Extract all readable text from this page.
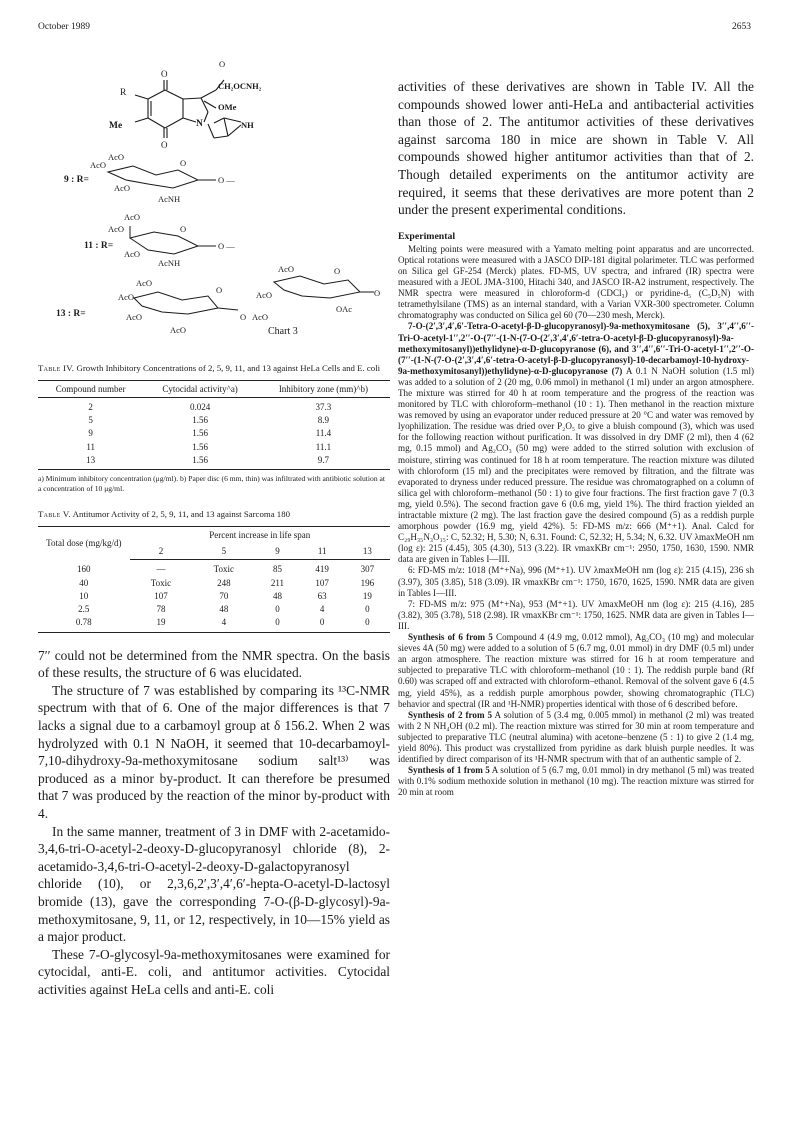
October 1989	2653
O
R
Me
O
N
CH₂OCNH₂
O
OMe
NH
9 : R=
AcO
AcO
AcO
O
O —
AcNH
11 : R=
AcO
AcO
AcO
O
O —
AcNH
13 : R=
AcO
AcO
AcO
AcO
O
O AcO
AcO
AcO
O
O
OAc
Chart 3

Table IV. Growth Inhibitory Concentrations of 2, 5, 9, 11, and 13 against HeLa Cells and E. coli

Compound number	Cytocidal activity^a)	Inhibitory zone (mm)^b)
2	0.024	37.3
5	1.56	8.9
9	1.56	11.4
11	1.56	11.1
13	1.56	9.7
a) Minimum inhibitory concentration (μg/ml). b) Paper disc (6 mm, thin) was infiltrated with antibiotic solution at a concentration of 10 μg/ml.

Table V. Antitumor Activity of 2, 5, 9, 11, and 13 against Sarcoma 180

Total dose (mg/kg/d)	Percent increase in life span				
	2	5	9	11	13
160	—	Toxic	85	419	307
40	Toxic	248	211	107	196
10	107	70	48	63	19
2.5	78	48	0	4	0
0.78	19	4	0	0	0

7′′ could not be determined from the NMR spectra. On the basis of these results, the structure of 6 was elucidated.

The structure of 7 was established by comparing its ¹³C-NMR spectrum with that of 6. One of the major differences is that 7 lacks a signal due to a carbamoyl group at δ 156.2. When 2 was hydrolyzed with 0.1 N NaOH, it seemed that 10-decarbamoyl-7,10-dihydroxy-9a-methoxymitosane sodium salt¹³⁾ was produced as a minor by-product. It can therefore be presumed that 7 was produced by the reaction of the minor by-product with 4.

In the same manner, treatment of 3 in DMF with 2-acetamido-3,4,6-tri-O-acetyl-2-deoxy-D-glucopyranosyl chloride (8), 2-acetamido-3,4,6-tri-O-acetyl-2-deoxy-D-galactopyranosyl chloride (10), or 2,3,6,2′,3′,4′,6′-hepta-O-acetyl-D-lactosyl bromide (13), gave the corresponding 7-O-(β-D-glycosyl)-9a-methoxymitosane, 9, 11, or 12, respectively, in 10—15% yield as a major product.

These 7-O-glycosyl-9a-methoxymitosanes were examined for cytocidal, anti-E. coli, and antitumor activities. Cytocidal activities against HeLa cells and anti-E. coli

activities of these derivatives are shown in Table IV. All the compounds showed lower anti-HeLa and antibacterial activities than those of 2. The antitumor activities of these derivatives against sarcoma 180 in mice are shown in Table V. All compounds showed higher antitumor activities than that of 2. Though detailed experiments on the antitumor activity are required, it seems that these derivatives are more potent than 2 under the present experimental conditions.

Experimental

Melting points were measured with a Yamato melting point apparatus and are uncorrected. Optical rotations were measured with a JASCO DIP-181 digital polarimeter. TLC was performed on Silica gel GF-254 (Merck) plates. FD-MS, UV spectra, and infrared (IR) spectra were measured with a JEOL JMA-3100, Hitachi 340, and JASCO IR-A2 instrument, respectively. The NMR spectra were measured in chloroform-d (CDCl₃) or pyridine-d₅ (C₅D₅N) with tetramethylsilane (TMS) as an internal standard, with a Varian VXR-300 spectrometer. Column chromatography was conducted on Silica gel 60 (70—230 mesh, Merck).

7-O-(2′,3′,4′,6′-Tetra-O-acetyl-β-D-glucopyranosyl)-9a-methoxymitosane (5), 3′′,4′′,6′′-Tri-O-acetyl-1′′,2′′-O-(7′′-(1-N-(7-O-(2′,3′,4′,6′-tetra-O-acetyl-β-D-glucopyranosyl)-9a-methoxymitosanyl))ethylidyne)-α-D-glucopyranose (6), and 3′′,4′′,6′′-Tri-O-acetyl-1′′,2′′-O-(7′′-(1-N-(7-O-(2′,3′,4′,6′-tetra-O-acetyl-β-D-glucopyranosyl)-10-decarbamoyl-10-hydroxy-9a-methoxymitosanyl))ethylidyne)-α-D-glucopyranose (7) A 0.1 N NaOH solution (1.5 ml) was added to a solution of 2 (20 mg, 0.06 mmol) in methanol (1 ml) under an argon atmosphere. The mixture was stirred for 40 h at room temperature and the progress of the reaction was monitored by TLC with chloroform–methanol (10 : 1). Then methanol in the reaction mixture was removed by using an evaporator under reduced pressure at 20 °C and water was removed by lyophilization. The residue was dried over P₂O₅ to give a bluish compound (3), which was used for the following reaction without purification. It was dissolved in dry DMF (2 ml), then 4 (62 mg, 0.15 mmol) and Ag₂CO₃ (50 mg) were added to the stirred solution with exclusion of moisture, stirring was continued for 18 h at room temperature. The reaction mixture was diluted with chloroform (15 ml) and the precipitates were removed by filtration, and the filtrate was evaporated to dryness under reduced pressure. The residue was chromatographed on a column of silica gel with chloroform–methanol (50 : 1) to give four fractions. The first fraction gave 7 (0.3 mg, yield 0.5%). The second fraction gave 6 (0.6 mg, yield 1%). The third fraction yielded an intractable mixture (2 mg). The last fraction gave the desired compound (5) as a reddish purple amorphous powder (16.9 mg, yield 42%). 5: FD-MS m/z: 666 (M⁺+1). Anal. Calcd for C₂₉H₃₅N₃O₁₅: C, 52.32; H, 5.30; N, 6.31. Found: C, 52.32; H, 5.34; N, 6.32. UV λmaxMeOH nm (log ε): 215 (4.45), 305 (4.30), 513 (3.22). IR νmaxKBr cm⁻¹: 2950, 1750, 1630, 1590. NMR data are given in Tables I—III.

6: FD-MS m/z: 1018 (M⁺+Na), 996 (M⁺+1). UV λmaxMeOH nm (log ε): 215 (4.15), 236 sh (3.97), 305 (3.85), 518 (3.09). IR νmaxKBr cm⁻¹: 1750, 1670, 1625, 1590. NMR data are given in Tables I—III.

7: FD-MS m/z: 975 (M⁺+Na), 953 (M⁺+1). UV λmaxMeOH nm (log ε): 215 (4.16), 285 (3.82), 305 (3.78), 518 (2.98). IR νmaxKBr cm⁻¹: 1750, 1625. NMR data are given in Tables I—III.

Synthesis of 6 from 5 Compound 4 (4.9 mg, 0.012 mmol), Ag₂CO₃ (10 mg) and molecular sieves 4A (50 mg) were added to a solution of 5 (6.7 mg, 0.01 mmol) in dry DMF (0.5 ml) under an argon atmosphere. The reaction mixture was stirred for 16 h at room temperature and subjected to preparative TLC with chloroform–methanol (10 : 1). The reddish purple band (Rf 0.60) was scraped off and extracted with chloroform–ethanol. Removal of the solvent gave 6 (4.5 mg, yield 45%), as a reddish purple amorphous powder, showing chromatographic (TLC) behavior and spectral (IR and ¹H-NMR) properties identical with those of 6 described before.

Synthesis of 2 from 5 A solution of 5 (3.4 mg, 0.005 mmol) in methanol (2 ml) was treated with 2 N NH₄OH (0.2 ml). The reaction mixture was stirred for 30 min at room temperature and subjected to preparative TLC (neutral alumina) with acetone–benzene (5 : 1) to give 2 (1.4 mg, yield 80%). This product was crystallized from pyridine as dark bluish purple needles. It was identified by direct comparison of its ¹H-NMR spectrum with that of an authentic sample of 2.

Synthesis of 1 from 5 A solution of 5 (6.7 mg, 0.01 mmol) in dry methanol (5 ml) was treated with 0.1% sodium methoxide solution in methanol (10 mg). The reaction mixture was stirred for 20 min at room
